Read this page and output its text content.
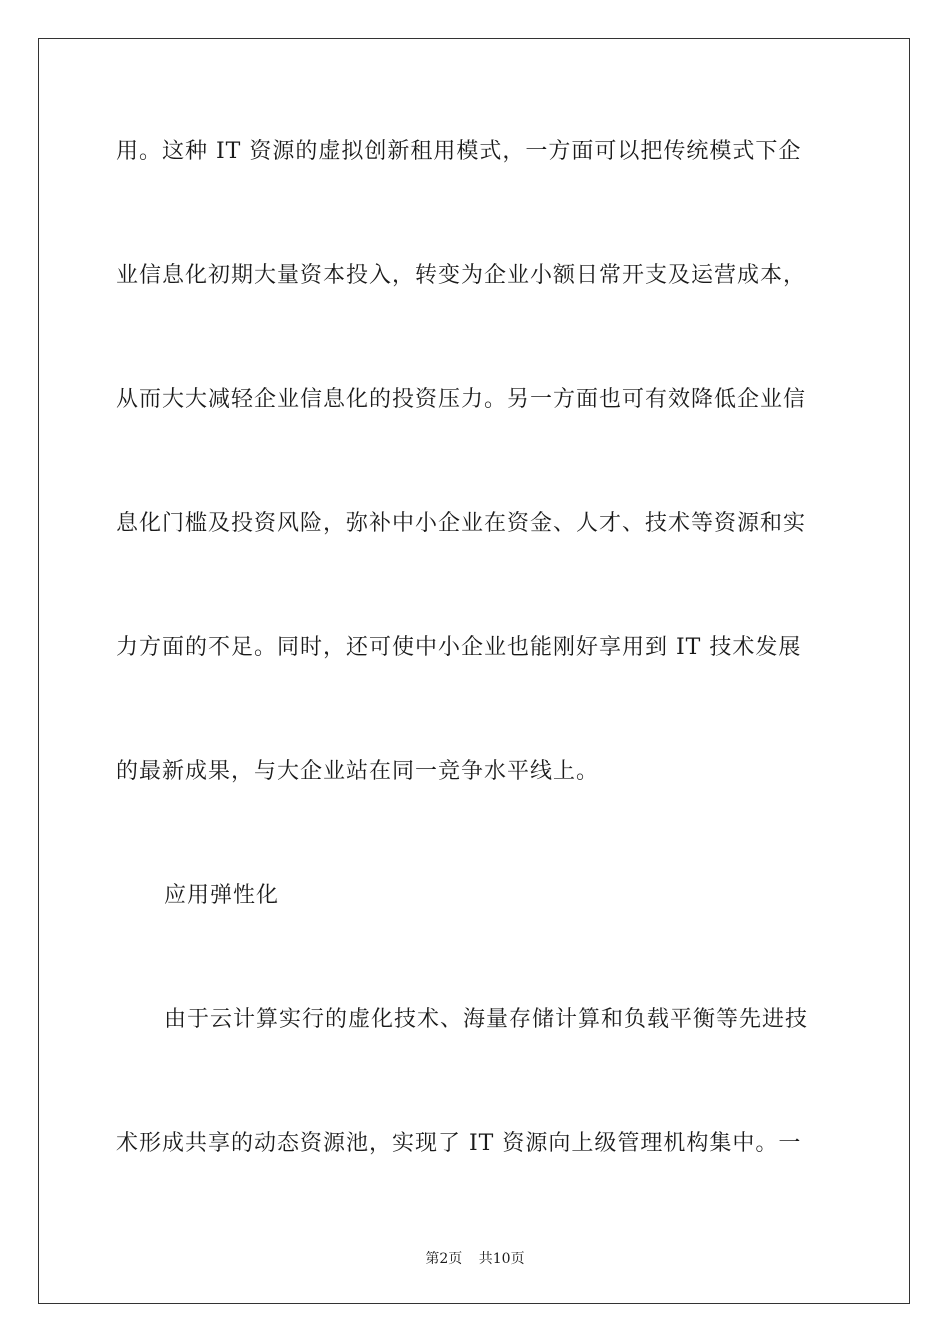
用。这种 IT 资源的虚拟创新租用模式，一方面可以把传统模式下企
业信息化初期大量资本投入，转变为企业小额日常开支及运营成本，
从而大大减轻企业信息化的投资压力。另一方面也可有效降低企业信
息化门槛及投资风险，弥补中小企业在资金、人才、技术等资源和实
力方面的不足。同时，还可使中小企业也能刚好享用到 IT 技术发展
的最新成果，与大企业站在同一竞争水平线上。
应用弹性化
由于云计算实行的虚化技术、海量存储计算和负载平衡等先进技
术形成共享的动态资源池，实现了 IT 资源向上级管理机构集中。一
第2页 共10页
